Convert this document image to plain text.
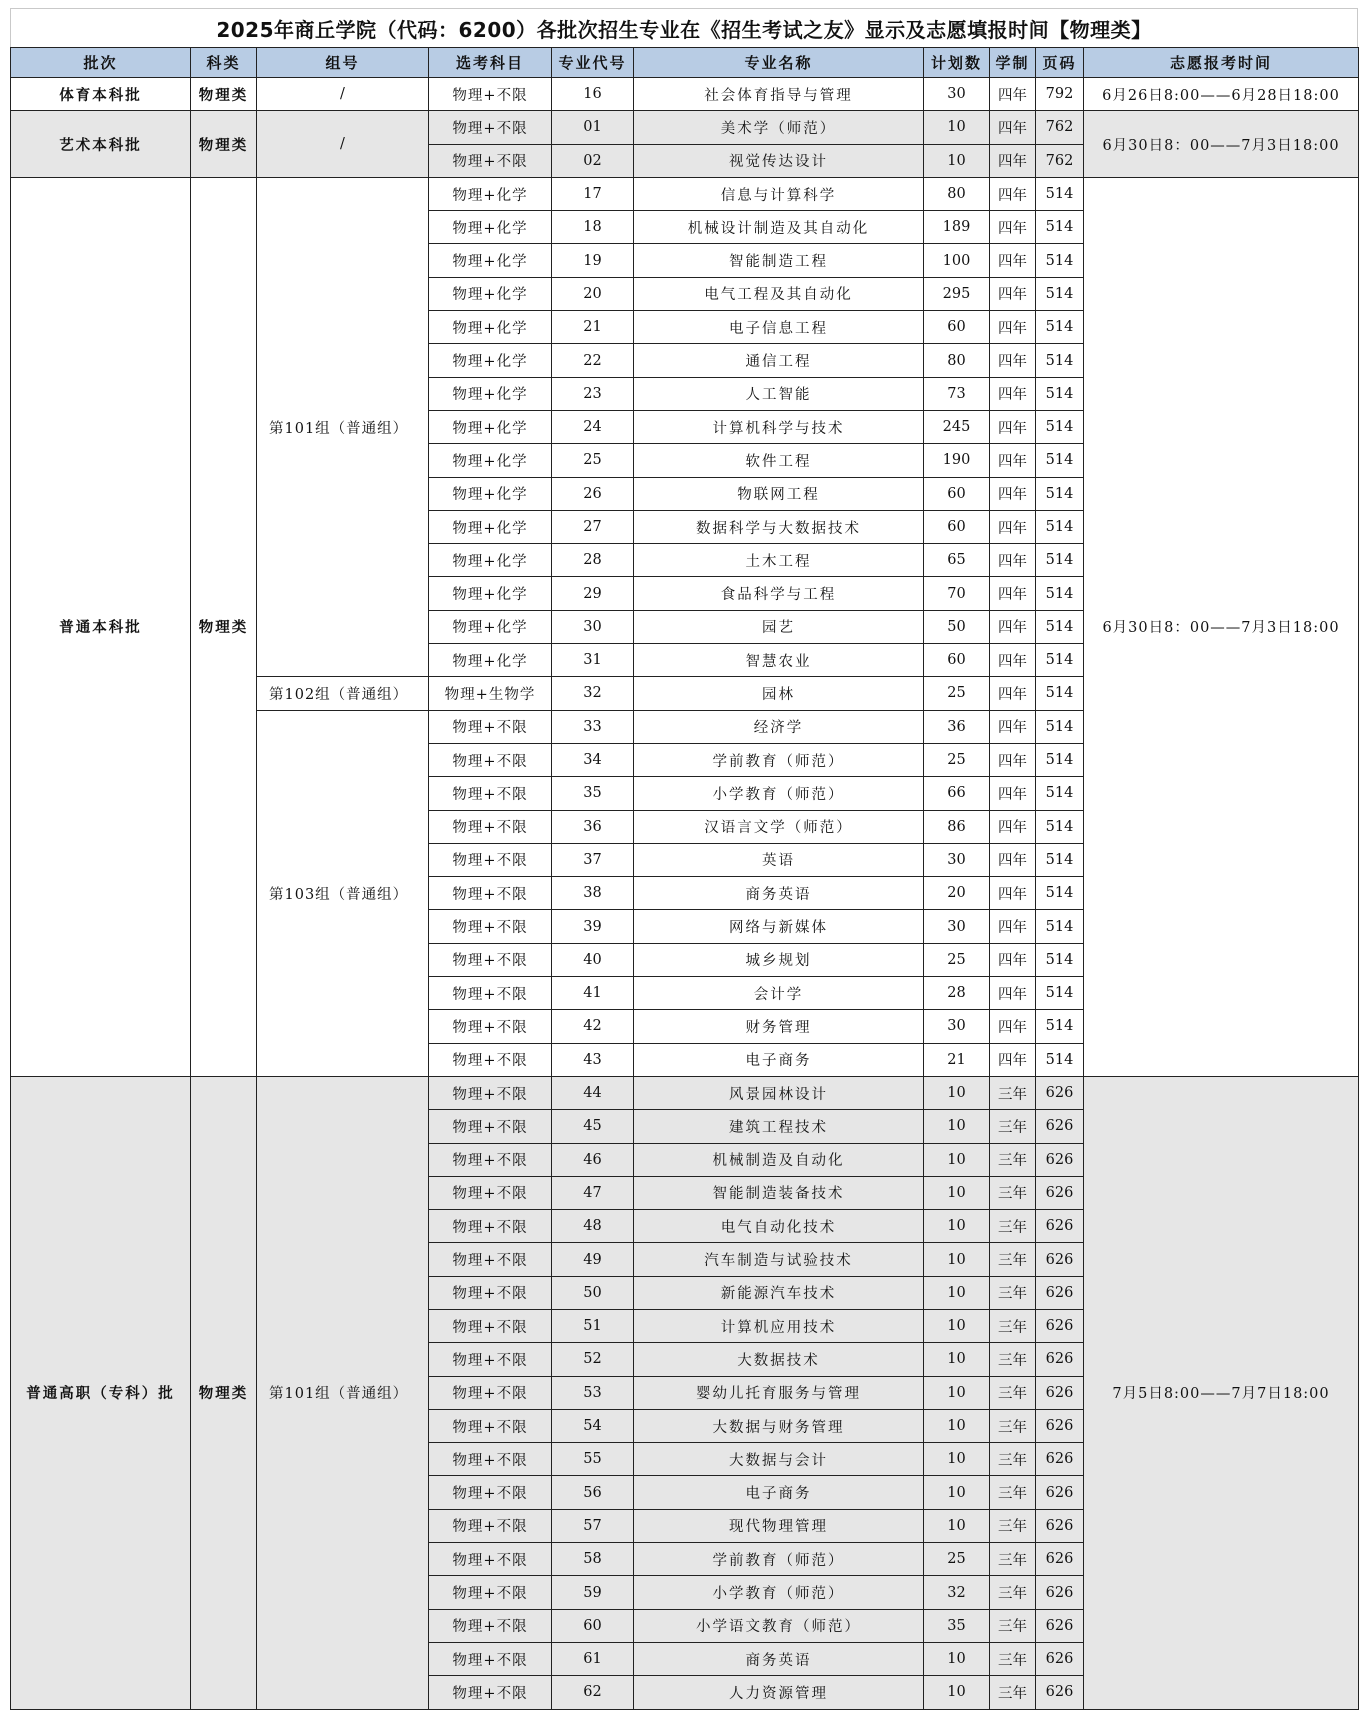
2025年商丘学院（代码：6200）各批次招生专业在《招生考试之友》显示及志愿填报时间【物理类】
批次	科类	组号	选考科目	专业代号	专业名称	计划数	学制	页码	志愿报考时间
体育本科批	物理类	/	物理+不限	16	社会体育指导与管理	30	四年	792	6月26日8:00——6月28日18:00
艺术本科批	物理类	/	物理+不限	01	美术学（师范）	10	四年	762	6月30日8：00——7月3日18:00
			物理+不限	02	视觉传达设计	10	四年	762	
普通本科批	物理类	第101组（普通组）	物理+化学	17	信息与计算科学	80	四年	514	6月30日8：00——7月3日18:00
			物理+化学	18	机械设计制造及其自动化	189	四年	514	
			物理+化学	19	智能制造工程	100	四年	514	
			物理+化学	20	电气工程及其自动化	295	四年	514	
			物理+化学	21	电子信息工程	60	四年	514	
			物理+化学	22	通信工程	80	四年	514	
			物理+化学	23	人工智能	73	四年	514	
			物理+化学	24	计算机科学与技术	245	四年	514	
			物理+化学	25	软件工程	190	四年	514	
			物理+化学	26	物联网工程	60	四年	514	
			物理+化学	27	数据科学与大数据技术	60	四年	514	
			物理+化学	28	土木工程	65	四年	514	
			物理+化学	29	食品科学与工程	70	四年	514	
			物理+化学	30	园艺	50	四年	514	
			物理+化学	31	智慧农业	60	四年	514	
		第102组（普通组）	物理+生物学	32	园林	25	四年	514	
		第103组（普通组）	物理+不限	33	经济学	36	四年	514	
			物理+不限	34	学前教育（师范）	25	四年	514	
			物理+不限	35	小学教育（师范）	66	四年	514	
			物理+不限	36	汉语言文学（师范）	86	四年	514	
			物理+不限	37	英语	30	四年	514	
			物理+不限	38	商务英语	20	四年	514	
			物理+不限	39	网络与新媒体	30	四年	514	
			物理+不限	40	城乡规划	25	四年	514	
			物理+不限	41	会计学	28	四年	514	
			物理+不限	42	财务管理	30	四年	514	
			物理+不限	43	电子商务	21	四年	514	
普通高职（专科）批	物理类	第101组（普通组）	物理+不限	44	风景园林设计	10	三年	626	7月5日8:00——7月7日18:00
			物理+不限	45	建筑工程技术	10	三年	626	
			物理+不限	46	机械制造及自动化	10	三年	626	
			物理+不限	47	智能制造装备技术	10	三年	626	
			物理+不限	48	电气自动化技术	10	三年	626	
			物理+不限	49	汽车制造与试验技术	10	三年	626	
			物理+不限	50	新能源汽车技术	10	三年	626	
			物理+不限	51	计算机应用技术	10	三年	626	
			物理+不限	52	大数据技术	10	三年	626	
			物理+不限	53	婴幼儿托育服务与管理	10	三年	626	
			物理+不限	54	大数据与财务管理	10	三年	626	
			物理+不限	55	大数据与会计	10	三年	626	
			物理+不限	56	电子商务	10	三年	626	
			物理+不限	57	现代物理管理	10	三年	626	
			物理+不限	58	学前教育（师范）	25	三年	626	
			物理+不限	59	小学教育（师范）	32	三年	626	
			物理+不限	60	小学语文教育（师范）	35	三年	626	
			物理+不限	61	商务英语	10	三年	626	
			物理+不限	62	人力资源管理	10	三年	626	
